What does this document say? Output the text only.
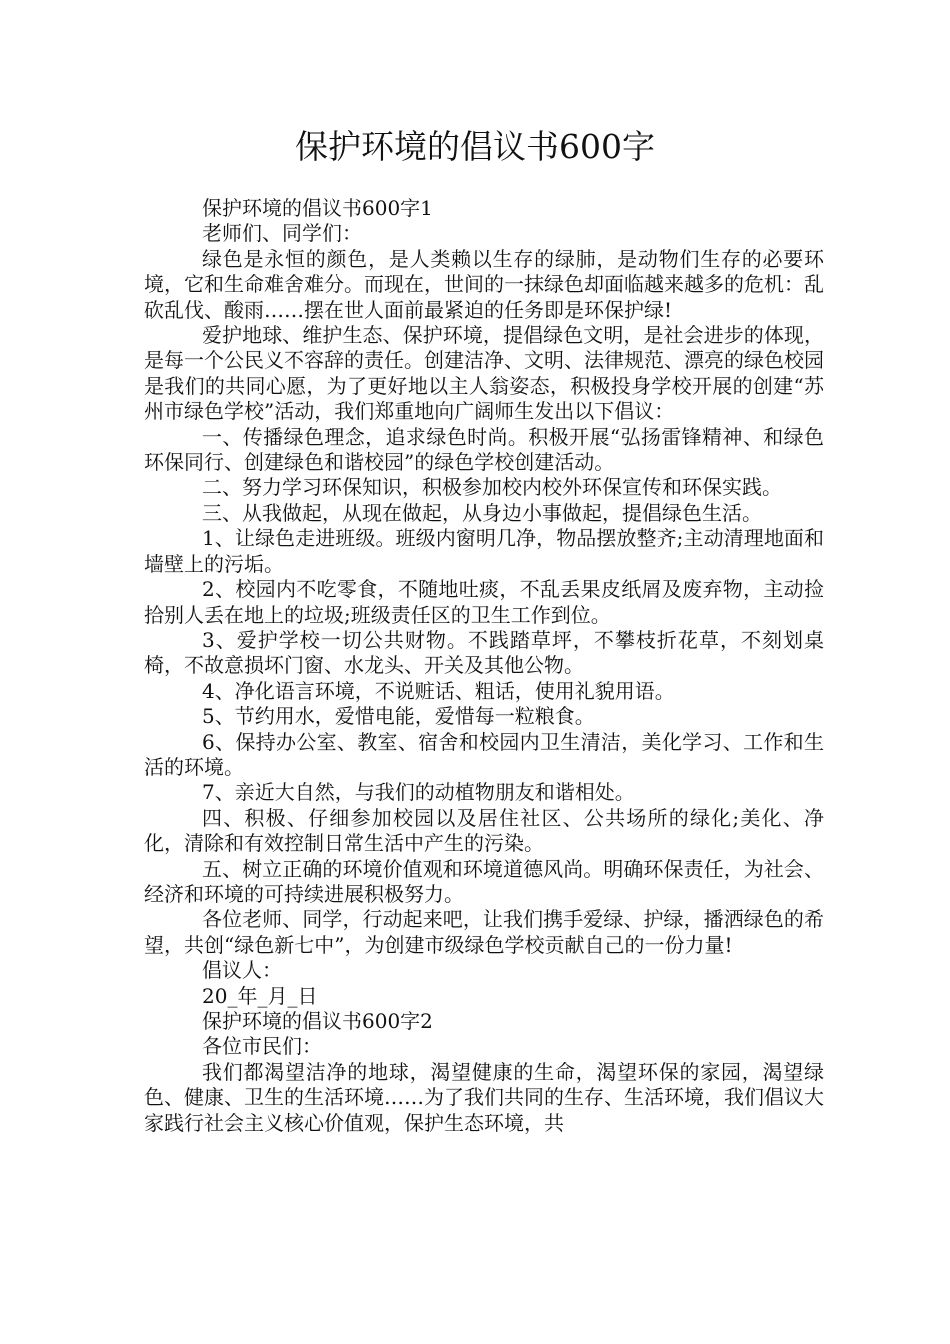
保护环境的倡议书600字

保护环境的倡议书600字1

老师们、同学们：

绿色是永恒的颜色，是人类赖以生存的绿肺，是动物们生存的必要环境，它和生命难舍难分。而现在，世间的一抹绿色却面临越来越多的危机：乱砍乱伐、酸雨……摆在世人面前最紧迫的任务即是环保护绿!

爱护地球、维护生态、保护环境，提倡绿色文明，是社会进步的体现，是每一个公民义不容辞的责任。创建洁净、文明、法律规范、漂亮的绿色校园是我们的共同心愿，为了更好地以主人翁姿态，积极投身学校开展的创建“苏州市绿色学校”活动，我们郑重地向广阔师生发出以下倡议：

一、传播绿色理念，追求绿色时尚。积极开展“弘扬雷锋精神、和绿色环保同行、创建绿色和谐校园”的绿色学校创建活动。

二、努力学习环保知识，积极参加校内校外环保宣传和环保实践。

三、从我做起，从现在做起，从身边小事做起，提倡绿色生活。

1、让绿色走进班级。班级内窗明几净，物品摆放整齐;主动清理地面和墙壁上的污垢。

2、校园内不吃零食，不随地吐痰，不乱丢果皮纸屑及废弃物，主动捡拾别人丢在地上的垃圾;班级责任区的卫生工作到位。

3、爱护学校一切公共财物。不践踏草坪，不攀枝折花草，不刻划桌椅，不故意损坏门窗、水龙头、开关及其他公物。

4、净化语言环境，不说赃话、粗话，使用礼貌用语。

5、节约用水，爱惜电能，爱惜每一粒粮食。

6、保持办公室、教室、宿舍和校园内卫生清洁，美化学习、工作和生活的环境。

7、亲近大自然，与我们的动植物朋友和谐相处。

四、积极、仔细参加校园以及居住社区、公共场所的绿化;美化、净化，清除和有效控制日常生活中产生的污染。

五、树立正确的环境价值观和环境道德风尚。明确环保责任，为社会、经济和环境的可持续进展积极努力。

各位老师、同学，行动起来吧，让我们携手爱绿、护绿，播洒绿色的希望，共创“绿色新七中”，为创建市级绿色学校贡献自己的一份力量!

倡议人：

20_年_月_日

保护环境的倡议书600字2

各位市民们：

我们都渴望洁净的地球，渴望健康的生命，渴望环保的家园，渴望绿色、健康、卫生的生活环境……为了我们共同的生存、生活环境，我们倡议大家践行社会主义核心价值观，保护生态环境，共
